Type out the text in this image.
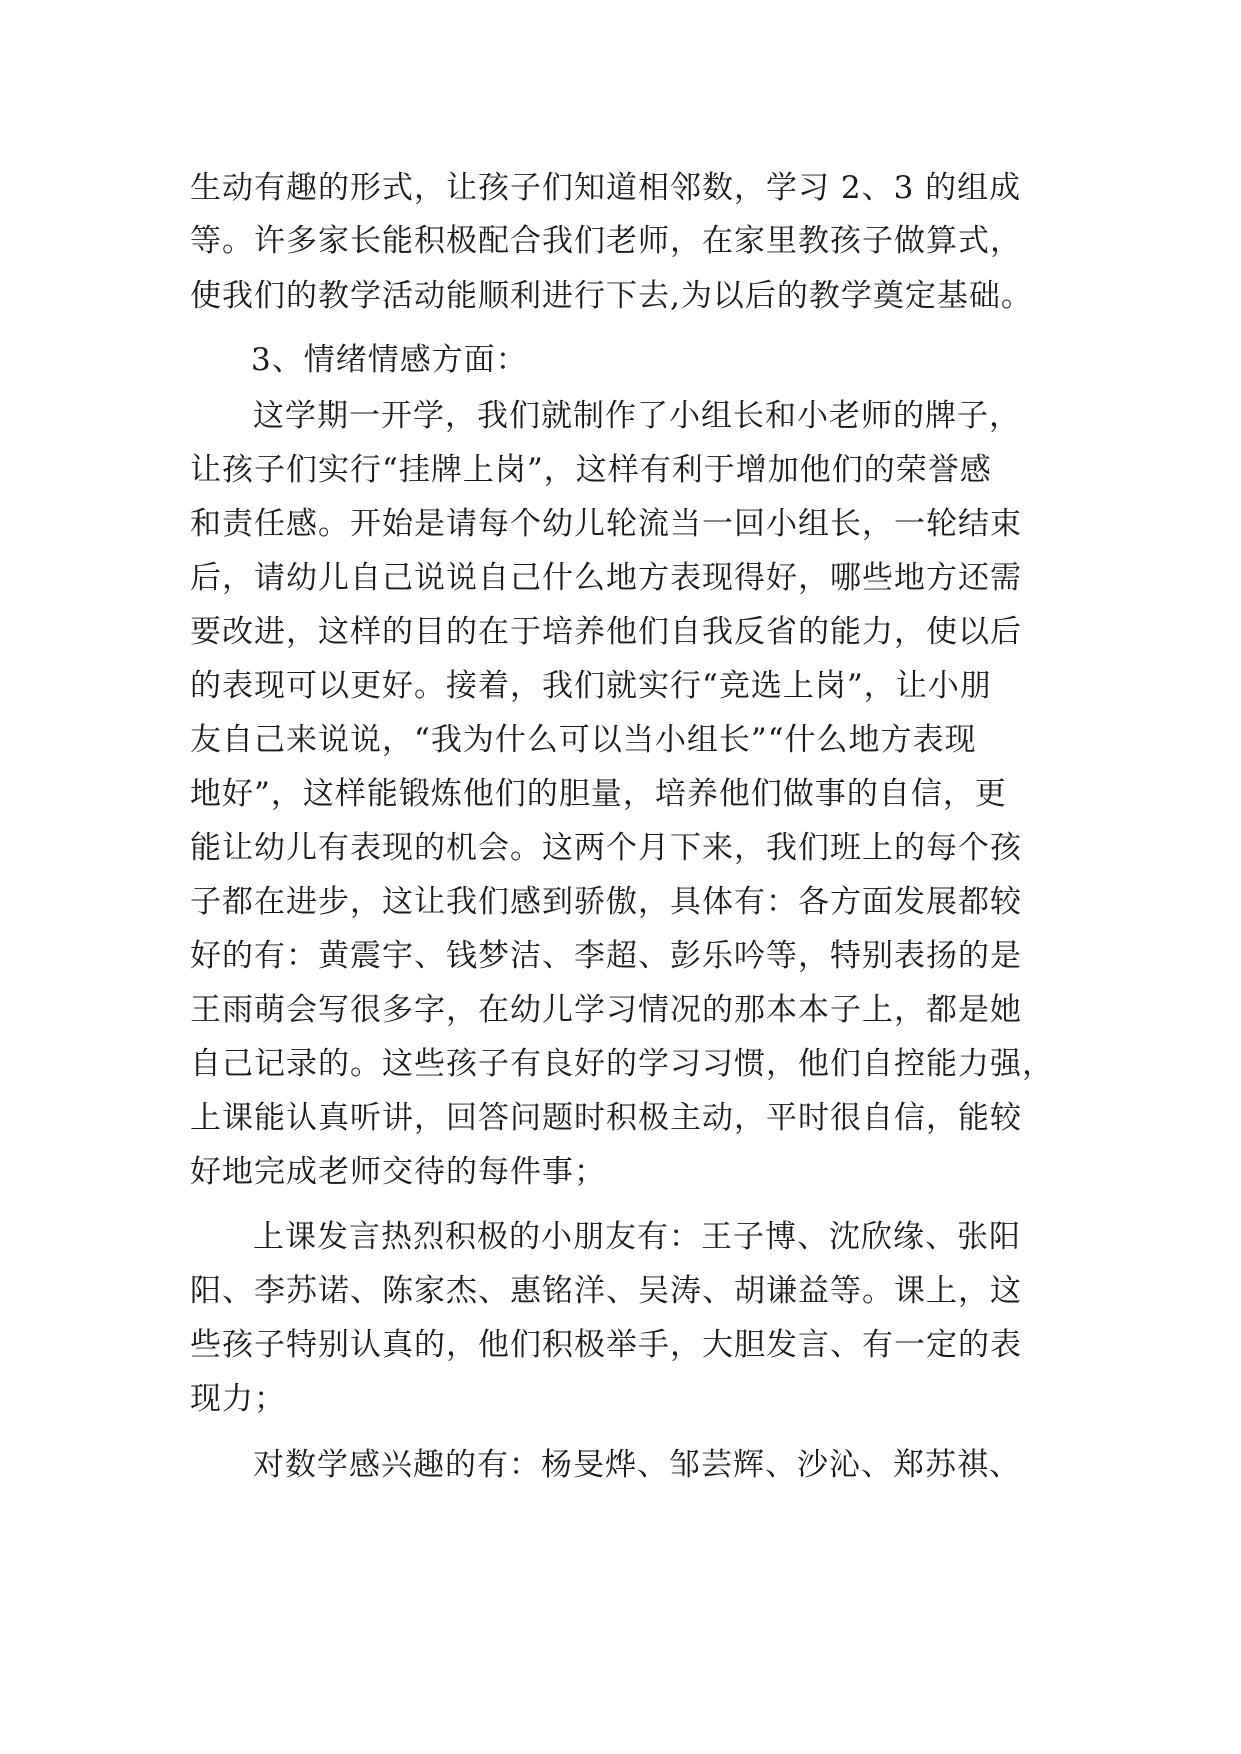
生动有趣的形式，让孩子们知道相邻数，学习 2、3 的组成
等。许多家长能积极配合我们老师，在家里教孩子做算式，
使我们的教学活动能顺利进行下去,为以后的教学奠定基础。
3、情绪情感方面：
这学期一开学，我们就制作了小组长和小老师的牌子，
让孩子们实行“挂牌上岗”，这样有利于增加他们的荣誉感
和责任感。开始是请每个幼儿轮流当一回小组长，一轮结束
后，请幼儿自己说说自己什么地方表现得好，哪些地方还需
要改进，这样的目的在于培养他们自我反省的能力，使以后
的表现可以更好。接着，我们就实行“竞选上岗”，让小朋
友自己来说说，“我为什么可以当小组长”“什么地方表现
地好”，这样能锻炼他们的胆量，培养他们做事的自信，更
能让幼儿有表现的机会。这两个月下来，我们班上的每个孩
子都在进步，这让我们感到骄傲，具体有：各方面发展都较
好的有：黄震宇、钱梦洁、李超、彭乐吟等，特别表扬的是
王雨萌会写很多字，在幼儿学习情况的那本本子上，都是她
自己记录的。这些孩子有良好的学习习惯，他们自控能力强，
上课能认真听讲，回答问题时积极主动，平时很自信，能较
好地完成老师交待的每件事；
上课发言热烈积极的小朋友有：王子博、沈欣缘、张阳
阳、李苏诺、陈家杰、惠铭洋、吴涛、胡谦益等。课上，这
些孩子特别认真的，他们积极举手，大胆发言、有一定的表
现力；
对数学感兴趣的有：杨旻烨、邹芸辉、沙沁、郑苏祺、
